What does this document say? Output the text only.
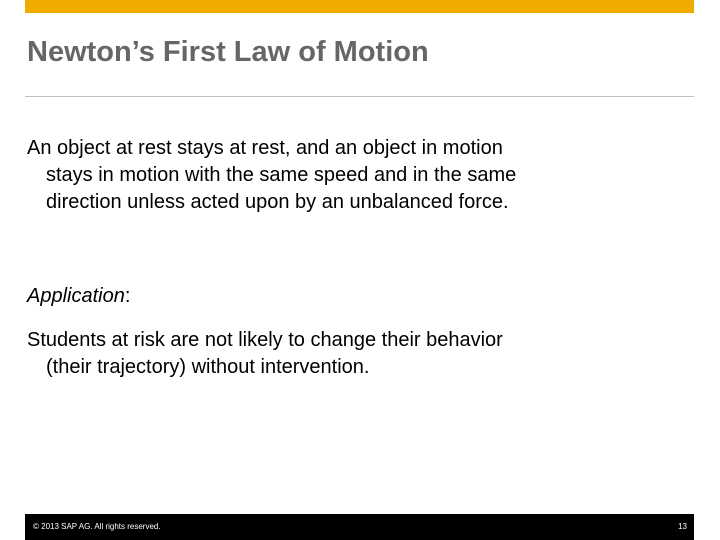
Newton’s First Law of Motion
An object at rest stays at rest, and an object in motion
stays in motion with the same speed and in the same
direction unless acted upon by an unbalanced force.
Application:
Students at risk are not likely to change their behavior
(their trajectory) without intervention.
© 2013 SAP AG. All rights reserved.	13
